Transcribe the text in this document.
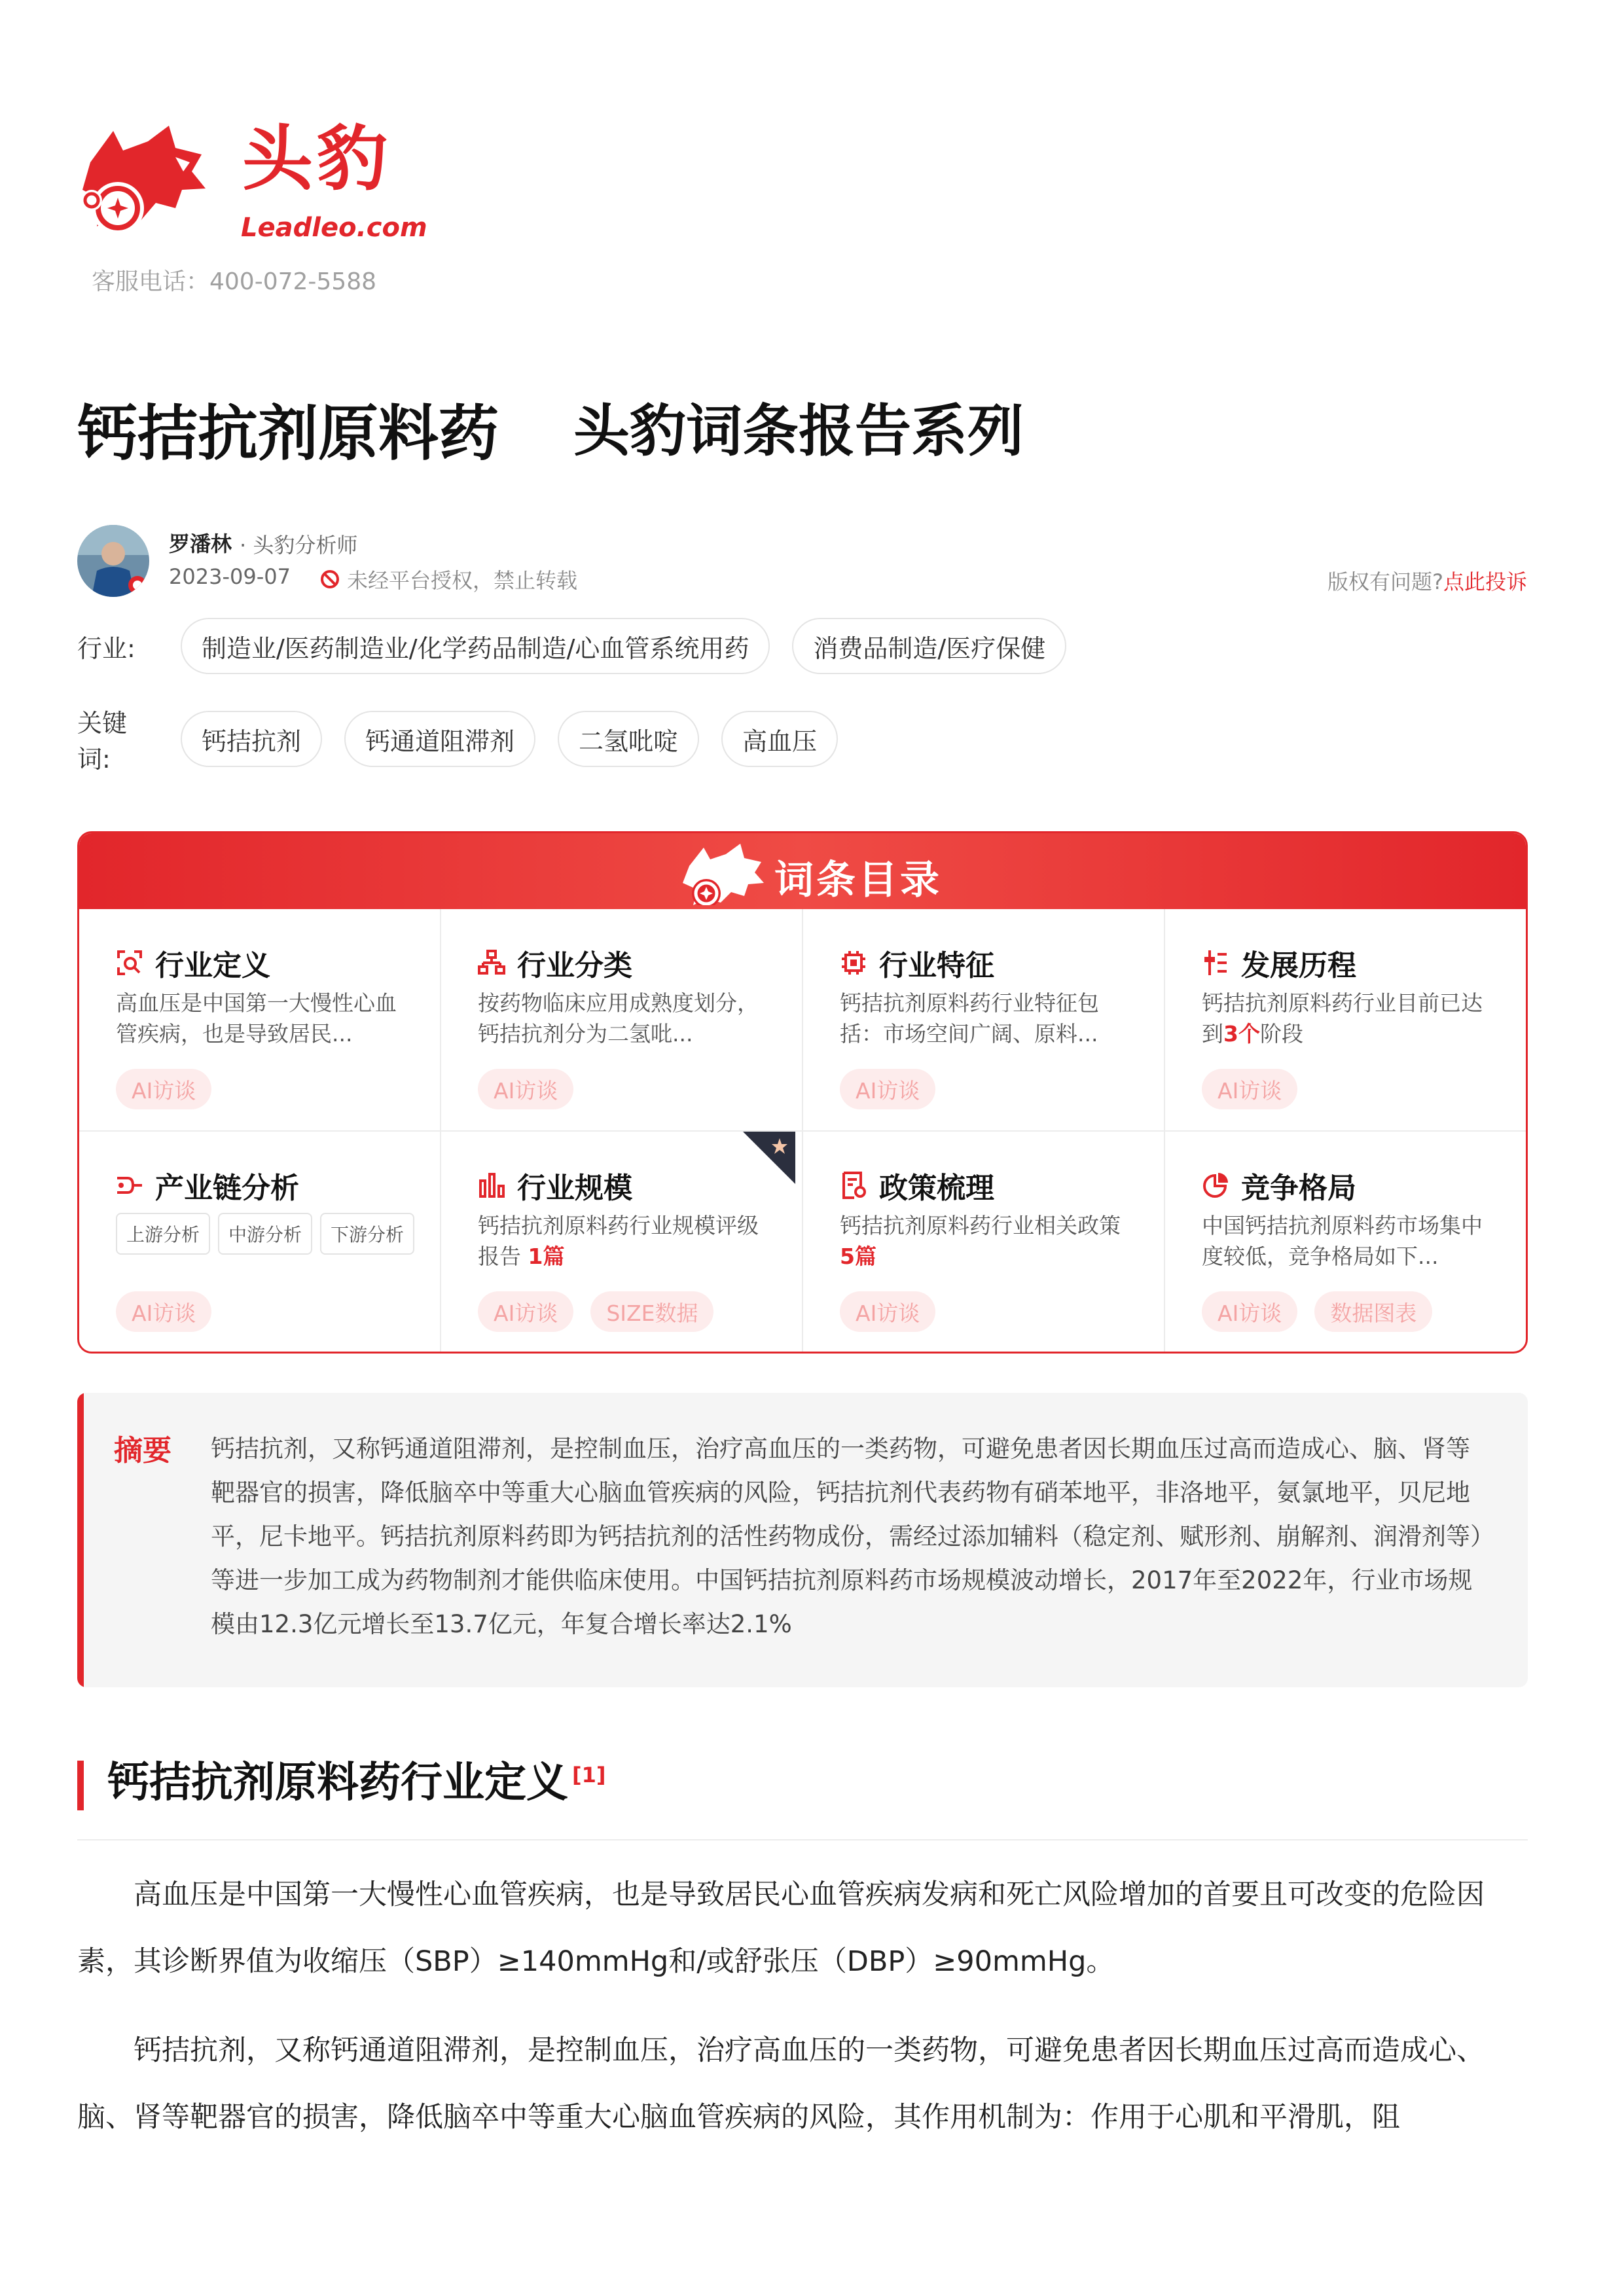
头豹
Leadleo.com
客服电话：400-072-5588
钙拮抗剂原料药 头豹词条报告系列
罗潘林 · 头豹分析师
2023-09-07	未经平台授权，禁止转载	版权有问题?点此投诉
行业:	制造业/医药制造业/化学药品制造/心血管系统用药	消费品制造/医疗保健
关键词:
钙拮抗剂	钙通道阻滞剂	二氢吡啶	高血压
词条目录
行业定义
高血压是中国第一大慢性心血管疾病，也是导致居民...
AI访谈
行业分类
按药物临床应用成熟度划分，钙拮抗剂分为二氢吡...
AI访谈
行业特征
钙拮抗剂原料药行业特征包括：市场空间广阔、原料...
AI访谈
发展历程
钙拮抗剂原料药行业目前已达到3个阶段
AI访谈
产业链分析
上游分析	中游分析	下游分析
AI访谈
行业规模
钙拮抗剂原料药行业规模评级报告 1篇
AI访谈	SIZE数据
政策梳理
钙拮抗剂原料药行业相关政策 5篇
AI访谈
竞争格局
中国钙拮抗剂原料药市场集中度较低，竞争格局如下...
AI访谈	数据图表
摘要 钙拮抗剂，又称钙通道阻滞剂，是控制血压，治疗高血压的一类药物，可避免患者因长期血压过高而造成心、脑、肾等靶器官的损害，降低脑卒中等重大心脑血管疾病的风险，钙拮抗剂代表药物有硝苯地平，非洛地平，氨氯地平，贝尼地平，尼卡地平。钙拮抗剂原料药即为钙拮抗剂的活性药物成份，需经过添加辅料（稳定剂、赋形剂、崩解剂、润滑剂等）等进一步加工成为药物制剂才能供临床使用。中国钙拮抗剂原料药市场规模波动增长，2017年至2022年，行业市场规模由12.3亿元增长至13.7亿元，年复合增长率达2.1%
钙拮抗剂原料药行业定义 [1]
高血压是中国第一大慢性心血管疾病，也是导致居民心血管疾病发病和死亡风险增加的首要且可改变的危险因素，其诊断界值为收缩压（SBP）≥140mmHg和/或舒张压（DBP）≥90mmHg。
钙拮抗剂，又称钙通道阻滞剂，是控制血压，治疗高血压的一类药物，可避免患者因长期血压过高而造成心、脑、肾等靶器官的损害，降低脑卒中等重大心脑血管疾病的风险，其作用机制为：作用于心肌和平滑肌，阻
